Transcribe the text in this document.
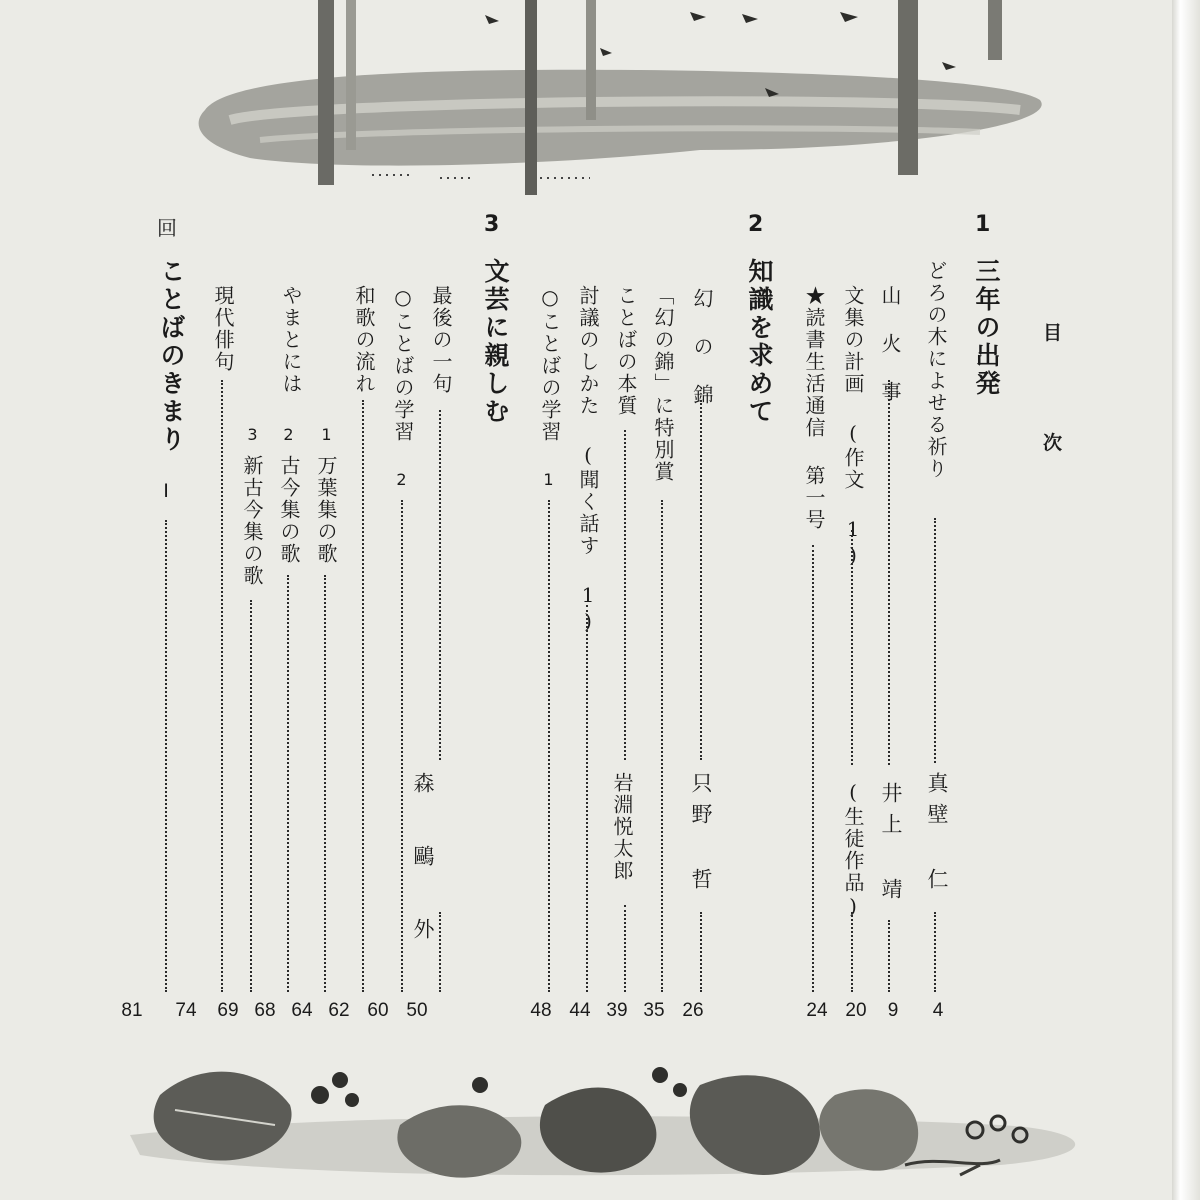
目
次
1
三年の出発
どろの木によせる祈り
真壁 仁
山 火 事
井上 靖
文集の計画 (作文 1)
(生徒作品)
★読書生活通信 第一号
2
知識を求めて
幻 の 錦
只野 哲
「幻の錦」に特別賞
ことばの本質
岩淵悦太郎
討議のしかた (聞く話す 1)
○ことばの学習
1
3
文芸に親しむ
最後の一句
森 鷗 外
○ことばの学習
2
和歌の流れ
1
万葉集の歌
2
古今集の歌
3
新古今集の歌
やまとには
現代俳句
回
ことばのきまり
I
4
9
20
24
26
35
39
44
48
50
60
62
64
68
69
74
81
